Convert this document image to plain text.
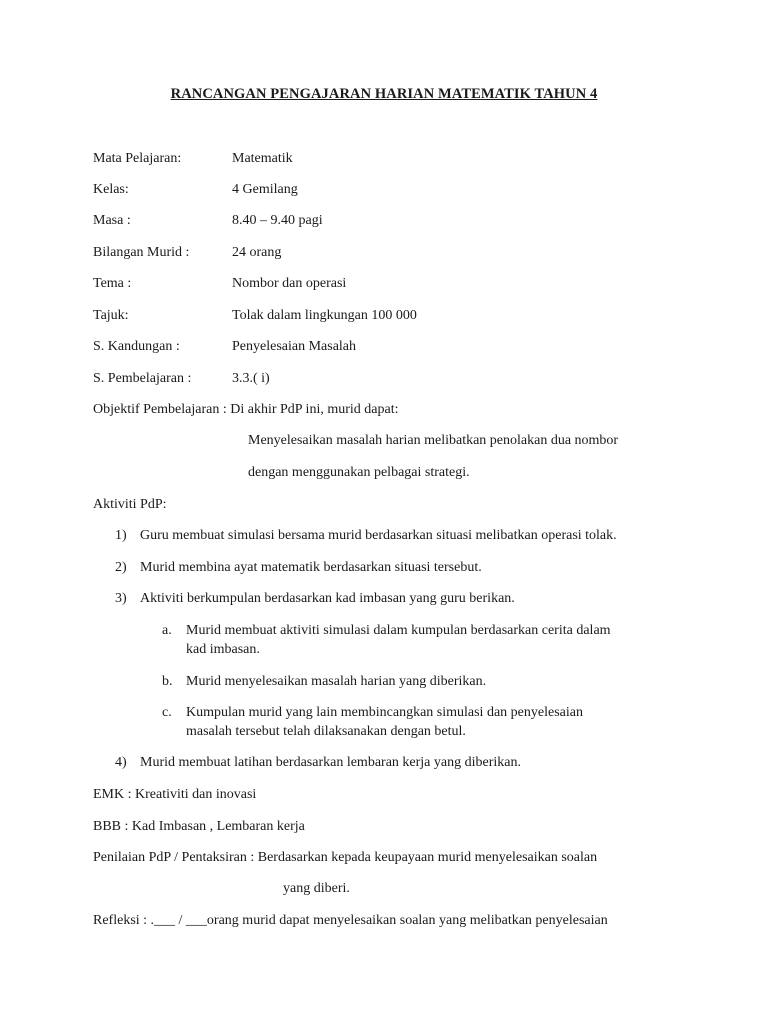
RANCANGAN PENGAJARAN HARIAN MATEMATIK TAHUN 4
Mata Pelajaran:	Matematik
Kelas:	4 Gemilang
Masa :	8.40 – 9.40 pagi
Bilangan Murid :	24 orang
Tema :	Nombor dan operasi
Tajuk:	Tolak dalam lingkungan 100 000
S. Kandungan :	Penyelesaian Masalah
S. Pembelajaran :	3.3.( i)
Objektif Pembelajaran : Di akhir PdP ini, murid dapat:
Menyelesaikan masalah harian melibatkan penolakan dua nombor
dengan menggunakan pelbagai strategi.
Aktiviti PdP:
1) Guru membuat simulasi bersama murid berdasarkan situasi melibatkan operasi tolak.
2) Murid membina ayat matematik berdasarkan situasi tersebut.
3) Aktiviti berkumpulan berdasarkan kad imbasan yang guru berikan.
a. Murid membuat aktiviti simulasi dalam kumpulan berdasarkan cerita dalam
kad imbasan.
b. Murid menyelesaikan masalah harian yang diberikan.
c. Kumpulan murid yang lain membincangkan simulasi dan penyelesaian
masalah tersebut telah dilaksanakan dengan betul.
4) Murid membuat latihan berdasarkan lembaran kerja yang diberikan.
EMK : Kreativiti dan inovasi
BBB : Kad Imbasan , Lembaran kerja
Penilaian PdP / Pentaksiran : Berdasarkan kepada keupayaan murid menyelesaikan soalan
yang diberi.
Refleksi : .___ / ___orang murid dapat menyelesaikan soalan yang melibatkan penyelesaian
